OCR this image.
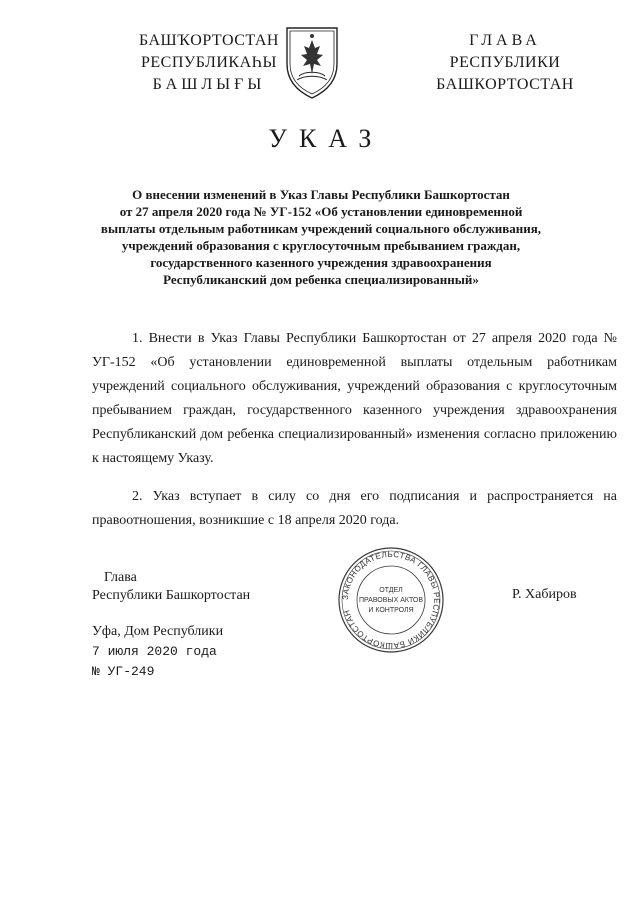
БАШҠОРТОСТАН
РЕСПУБЛИКАҺЫ
БАШЛЫҒЫ
ГЛАВА
РЕСПУБЛИКИ
БАШКОРТОСТАН
УКАЗ
О внесении изменений в Указ Главы Республики Башкортостан
от 27 апреля 2020 года № УГ-152 «Об установлении единовременной
выплаты отдельным работникам учреждений социального обслуживания,
учреждений образования с круглосуточным пребыванием граждан,
государственного казенного учреждения здравоохранения
Республиканский дом ребенка специализированный»
1. Внести в Указ Главы Республики Башкортостан от 27 апреля 2020 года № УГ-152 «Об установлении единовременной выплаты отдельным работникам учреждений социального обслуживания, учреждений образования с круглосуточным пребыванием граждан, государственного казенного учреждения здравоохранения Республиканский дом ребенка специализированный» изменения согласно приложению к настоящему Указу.
2. Указ вступает в силу со дня его подписания и распространяется на правоотношения, возникшие с 18 апреля 2020 года.
Глава
Республики Башкортостан	ЗАКОНОДАТЕЛЬСТВА ГЛАВЫ РЕСПУБЛИКИ БАШКОРТОСТАН
ОТДЕЛ
ПРАВОВЫХ АКТОВ
И КОНТРОЛЯ
Р. Хабиров
Уфа, Дом Республики
7 июля 2020 года
№ УГ-249
